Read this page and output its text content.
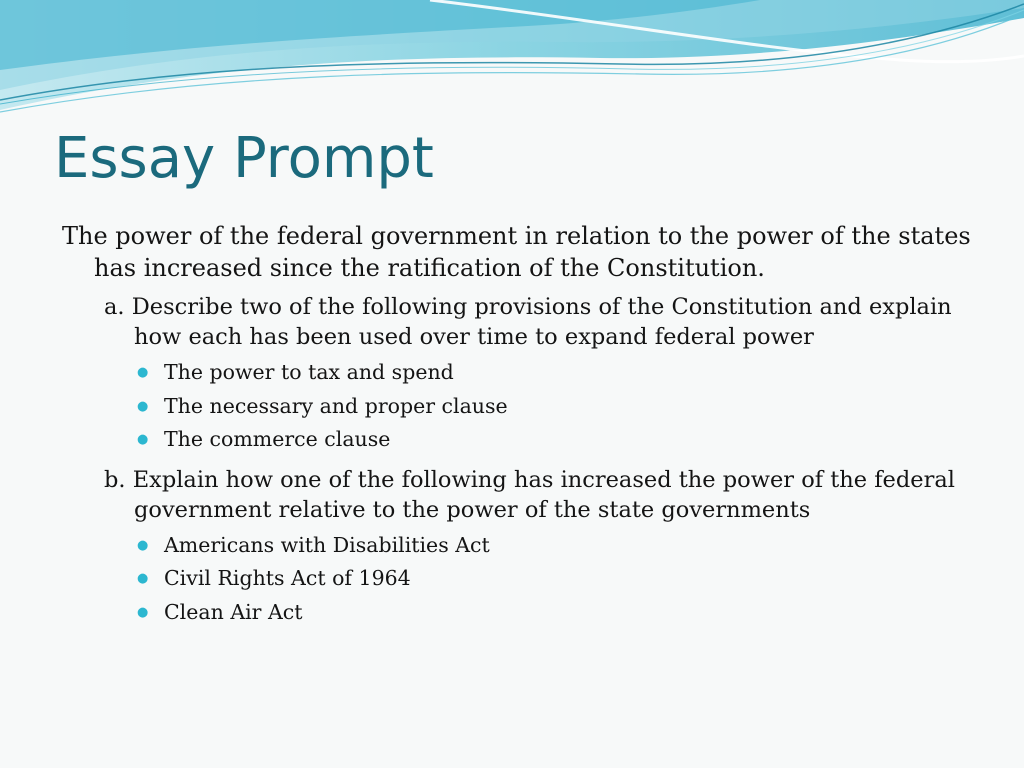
Essay Prompt

The power of the federal government in relation to the power of the states has increased since the ratification of the Constitution.

a. Describe two of the following provisions of the Constitution and explain how each has been used over time to expand federal power

● The power to tax and spend
● The necessary and proper clause
● The commerce clause

b. Explain how one of the following has increased the power of the federal government relative to the power of the state governments

● Americans with Disabilities Act
● Civil Rights Act of 1964
● Clean Air Act
